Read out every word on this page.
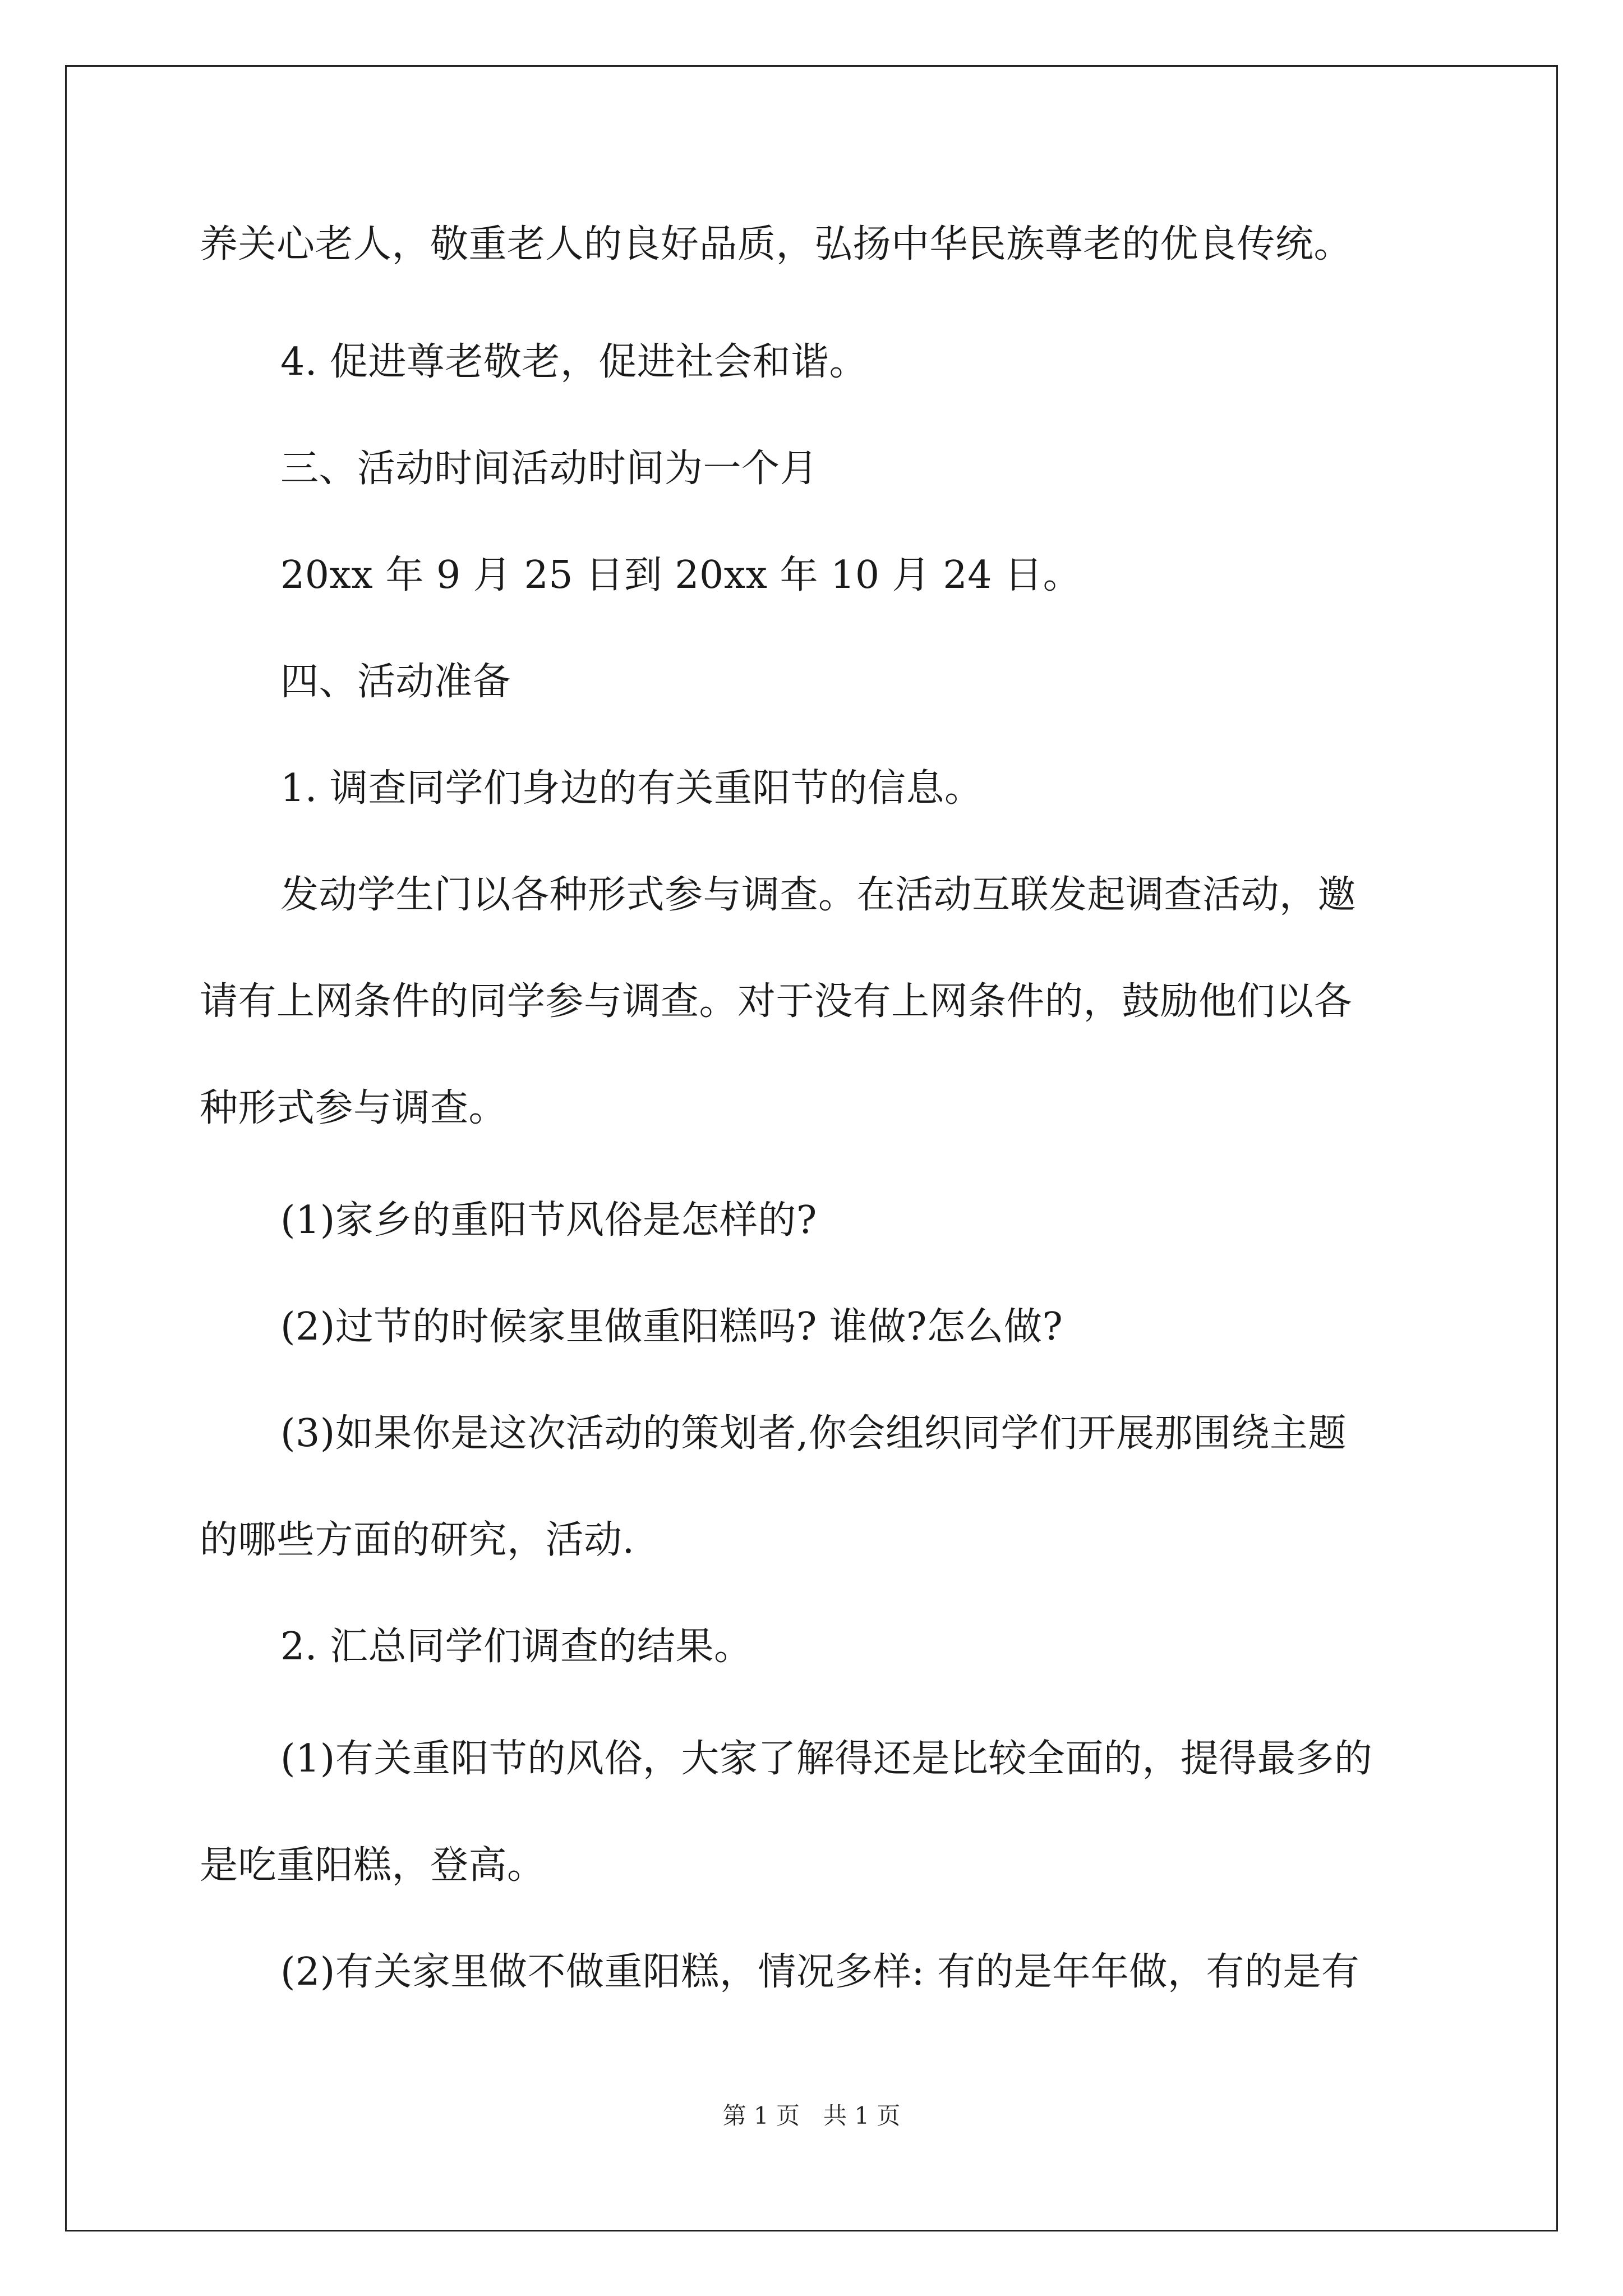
养关心老人，敬重老人的良好品质，弘扬中华民族尊老的优良传统。
4. 促进尊老敬老，促进社会和谐。
三、活动时间活动时间为一个月
20xx 年 9 月 25 日到 20xx 年 10 月 24 日。
四、活动准备
1. 调查同学们身边的有关重阳节的信息。
发动学生门以各种形式参与调查。在活动互联发起调查活动，邀
请有上网条件的同学参与调查。对于没有上网条件的，鼓励他们以各
种形式参与调查。
(1)家乡的重阳节风俗是怎样的?
(2)过节的时候家里做重阳糕吗? 谁做?怎么做?
(3)如果你是这次活动的策划者,你会组织同学们开展那围绕主题
的哪些方面的研究，活动.
2. 汇总同学们调查的结果。
(1)有关重阳节的风俗，大家了解得还是比较全面的，提得最多的
是吃重阳糕，登高。
(2)有关家里做不做重阳糕，情况多样: 有的是年年做，有的是有
第 1 页　共 1 页
